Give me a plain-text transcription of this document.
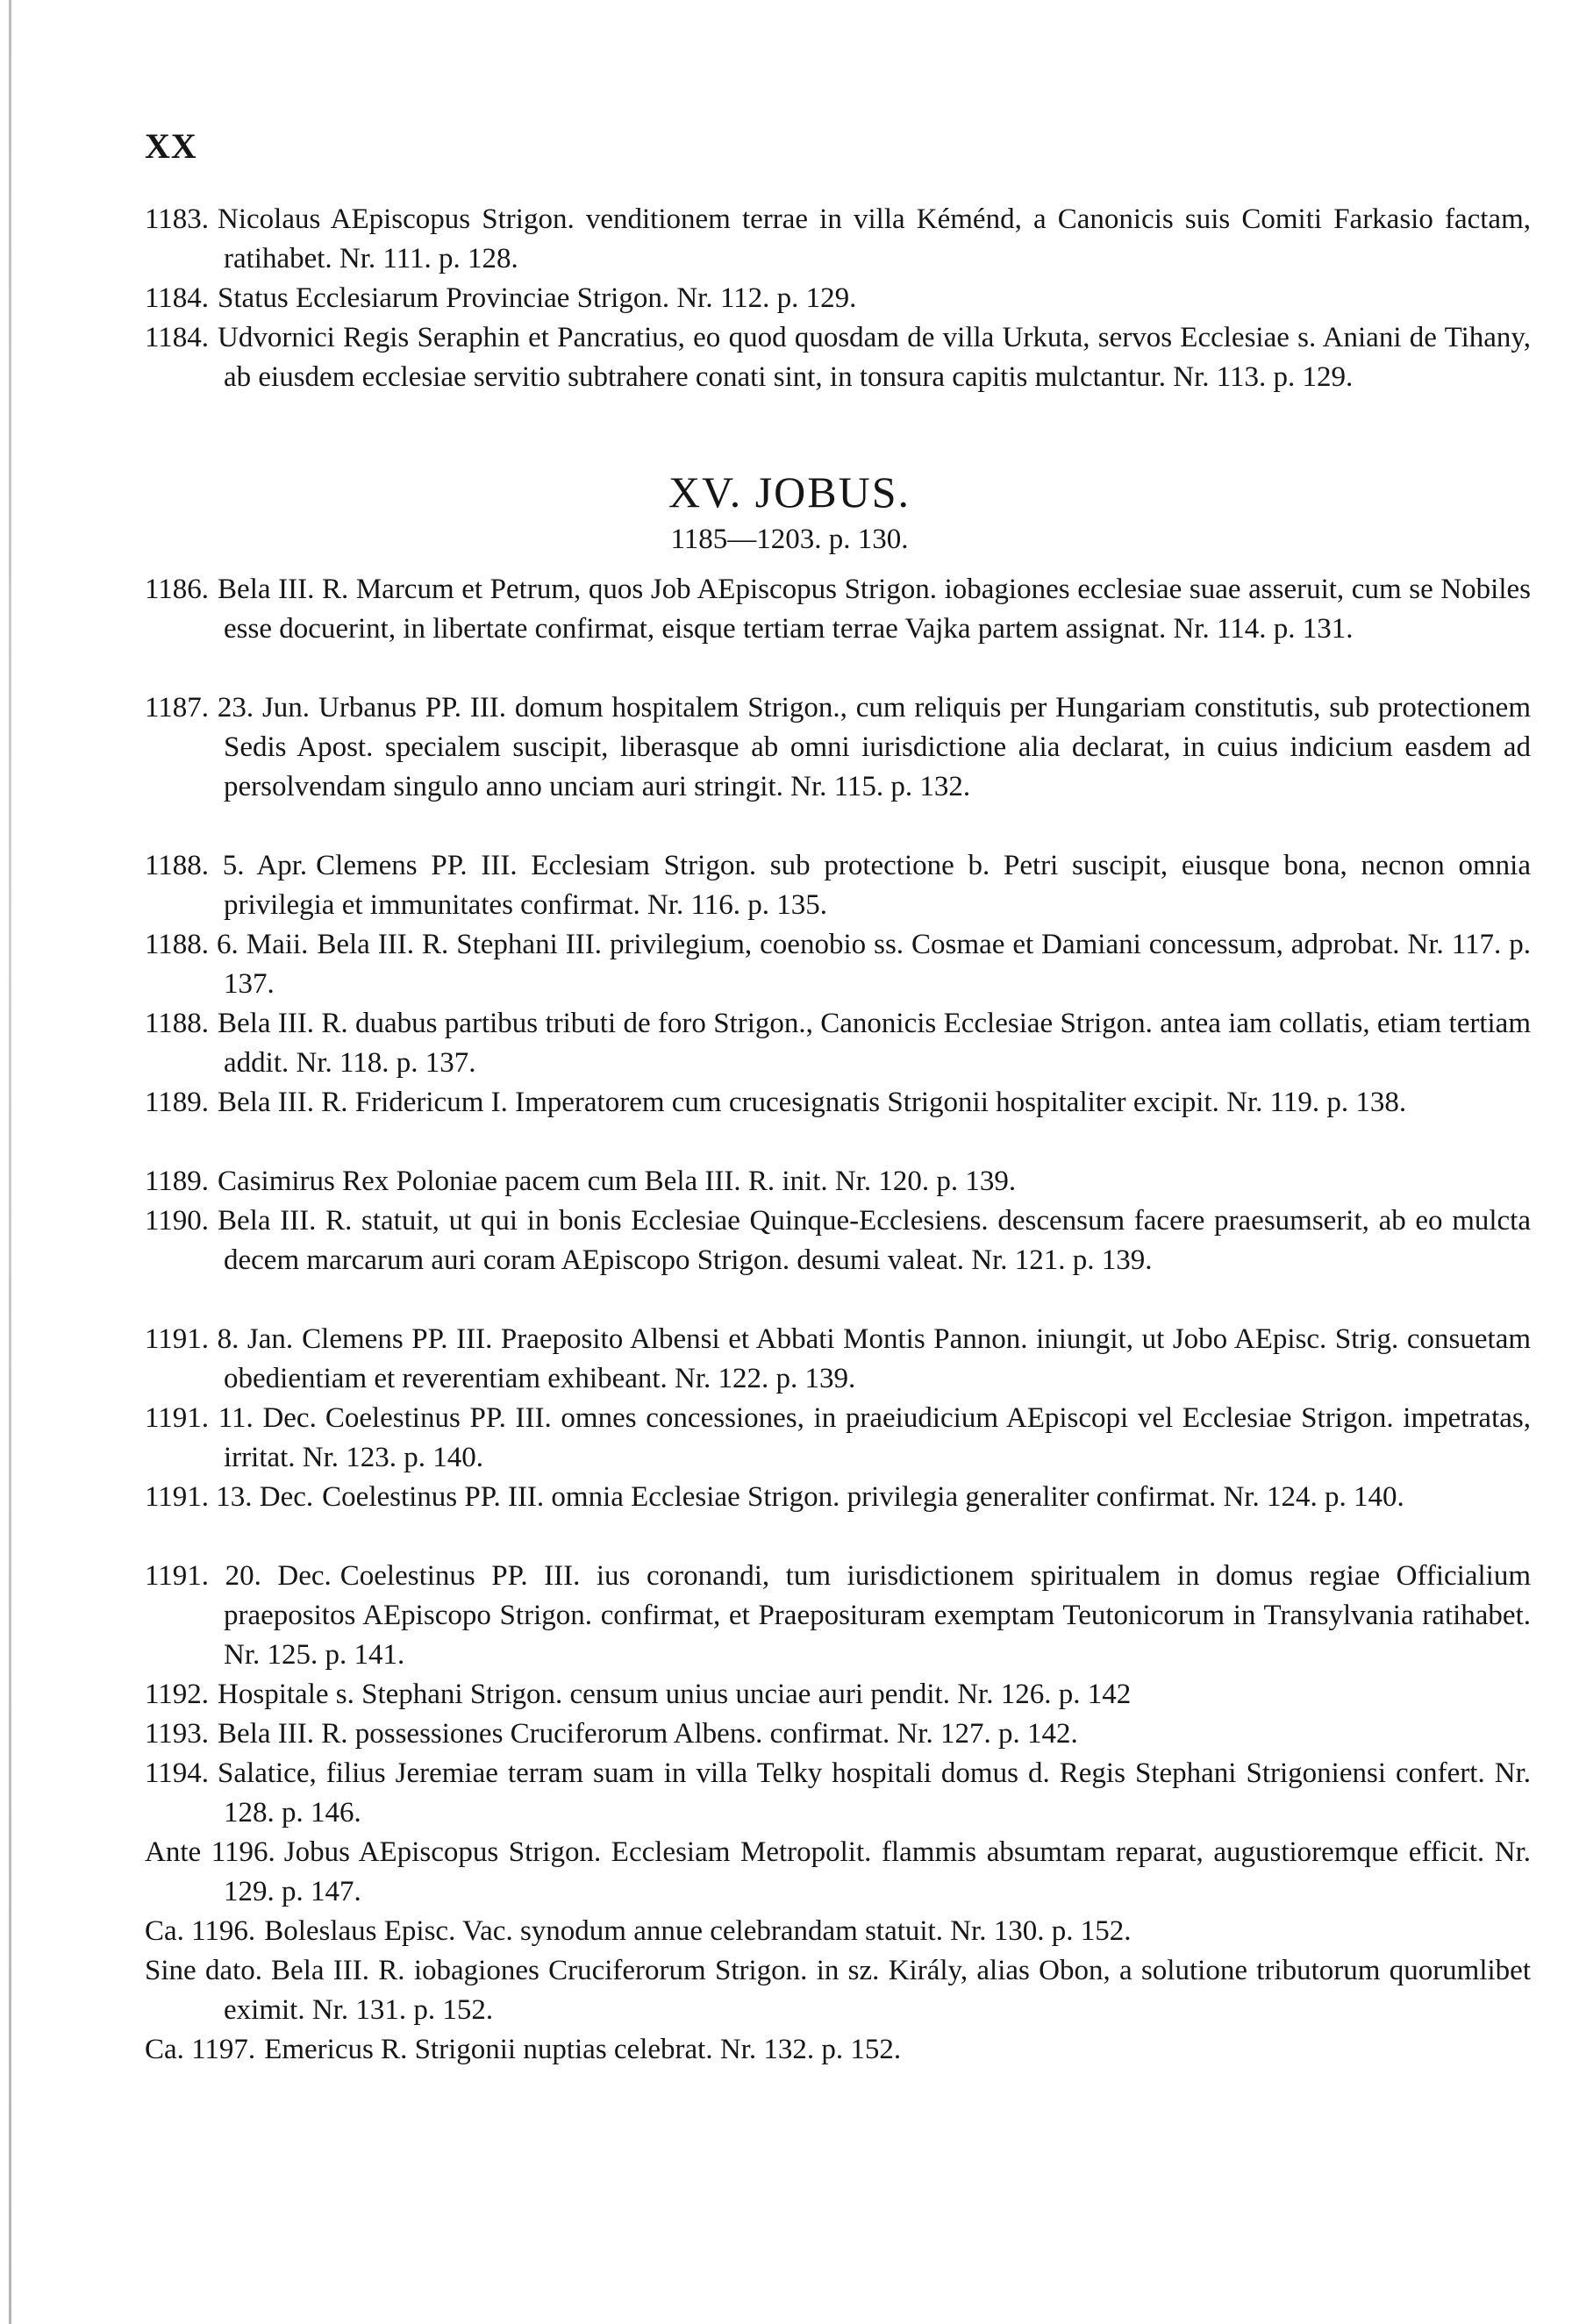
XX
1183. Nicolaus AEpiscopus Strigon. venditionem terrae in villa Kéménd, a Canonicis suis Comiti Farkasio factam, ratihabet. Nr. 111. p. 128.
1184. Status Ecclesiarum Provinciae Strigon. Nr. 112. p. 129.
1184. Udvornici Regis Seraphin et Pancratius, eo quod quosdam de villa Urkuta, servos Ecclesiae s. Aniani de Tihany, ab eiusdem ecclesiae servitio subtrahere conati sint, in tonsura capitis mulctantur. Nr. 113. p. 129.
XV. JOBUS.
1185—1203. p. 130.
1186. Bela III. R. Marcum et Petrum, quos Job AEpiscopus Strigon. iobagiones ecclesiae suae asseruit, cum se Nobiles esse docuerint, in libertate confirmat, eisque tertiam terrae Vajka partem assignat. Nr. 114. p. 131.
1187. 23. Jun. Urbanus PP. III. domum hospitalem Strigon., cum reliquis per Hungariam constitutis, sub protectionem Sedis Apost. specialem suscipit, liberasque ab omni iurisdictione alia declarat, in cuius indicium easdem ad persolvendam singulo anno unciam auri stringit. Nr. 115. p. 132.
1188. 5. Apr. Clemens PP. III. Ecclesiam Strigon. sub protectione b. Petri suscipit, eiusque bona, necnon omnia privilegia et immunitates confirmat. Nr. 116. p. 135.
1188. 6. Maii. Bela III. R. Stephani III. privilegium, coenobio ss. Cosmae et Damiani concessum, adprobat. Nr. 117. p. 137.
1188. Bela III. R. duabus partibus tributi de foro Strigon., Canonicis Ecclesiae Strigon. antea iam collatis, etiam tertiam addit. Nr. 118. p. 137.
1189. Bela III. R. Fridericum I. Imperatorem cum crucesignatis Strigonii hospitaliter excipit. Nr. 119. p. 138.
1189. Casimirus Rex Poloniae pacem cum Bela III. R. init. Nr. 120. p. 139.
1190. Bela III. R. statuit, ut qui in bonis Ecclesiae Quinque-Ecclesiens. descensum facere praesumserit, ab eo mulcta decem marcarum auri coram AEpiscopo Strigon. desumi valeat. Nr. 121. p. 139.
1191. 8. Jan. Clemens PP. III. Praeposito Albensi et Abbati Montis Pannon. iniungit, ut Jobo AEpisc. Strig. consuetam obedientiam et reverentiam exhibeant. Nr. 122. p. 139.
1191. 11. Dec. Coelestinus PP. III. omnes concessiones, in praeiudicium AEpiscopi vel Ecclesiae Strigon. impetratas, irritat. Nr. 123. p. 140.
1191. 13. Dec. Coelestinus PP. III. omnia Ecclesiae Strigon. privilegia generaliter confirmat. Nr. 124. p. 140.
1191. 20. Dec. Coelestinus PP. III. ius coronandi, tum iurisdictionem spiritualem in domus regiae Officialium praepositos AEpiscopo Strigon. confirmat, et Praeposituram exemptam Teutonicorum in Transylvania ratihabet. Nr. 125. p. 141.
1192. Hospitale s. Stephani Strigon. censum unius unciae auri pendit. Nr. 126. p. 142
1193. Bela III. R. possessiones Cruciferorum Albens. confirmat. Nr. 127. p. 142.
1194. Salatice, filius Jeremiae terram suam in villa Telky hospitali domus d. Regis Stephani Strigoniensi confert. Nr. 128. p. 146.
Ante 1196. Jobus AEpiscopus Strigon. Ecclesiam Metropolit. flammis absumtam reparat, augustioremque efficit. Nr. 129. p. 147.
Ca. 1196. Boleslaus Episc. Vac. synodum annue celebrandam statuit. Nr. 130. p. 152.
Sine dato. Bela III. R. iobagiones Cruciferorum Strigon. in sz. Király, alias Obon, a solutione tributorum quorumlibet eximit. Nr. 131. p. 152.
Ca. 1197. Emericus R. Strigonii nuptias celebrat. Nr. 132. p. 152.
